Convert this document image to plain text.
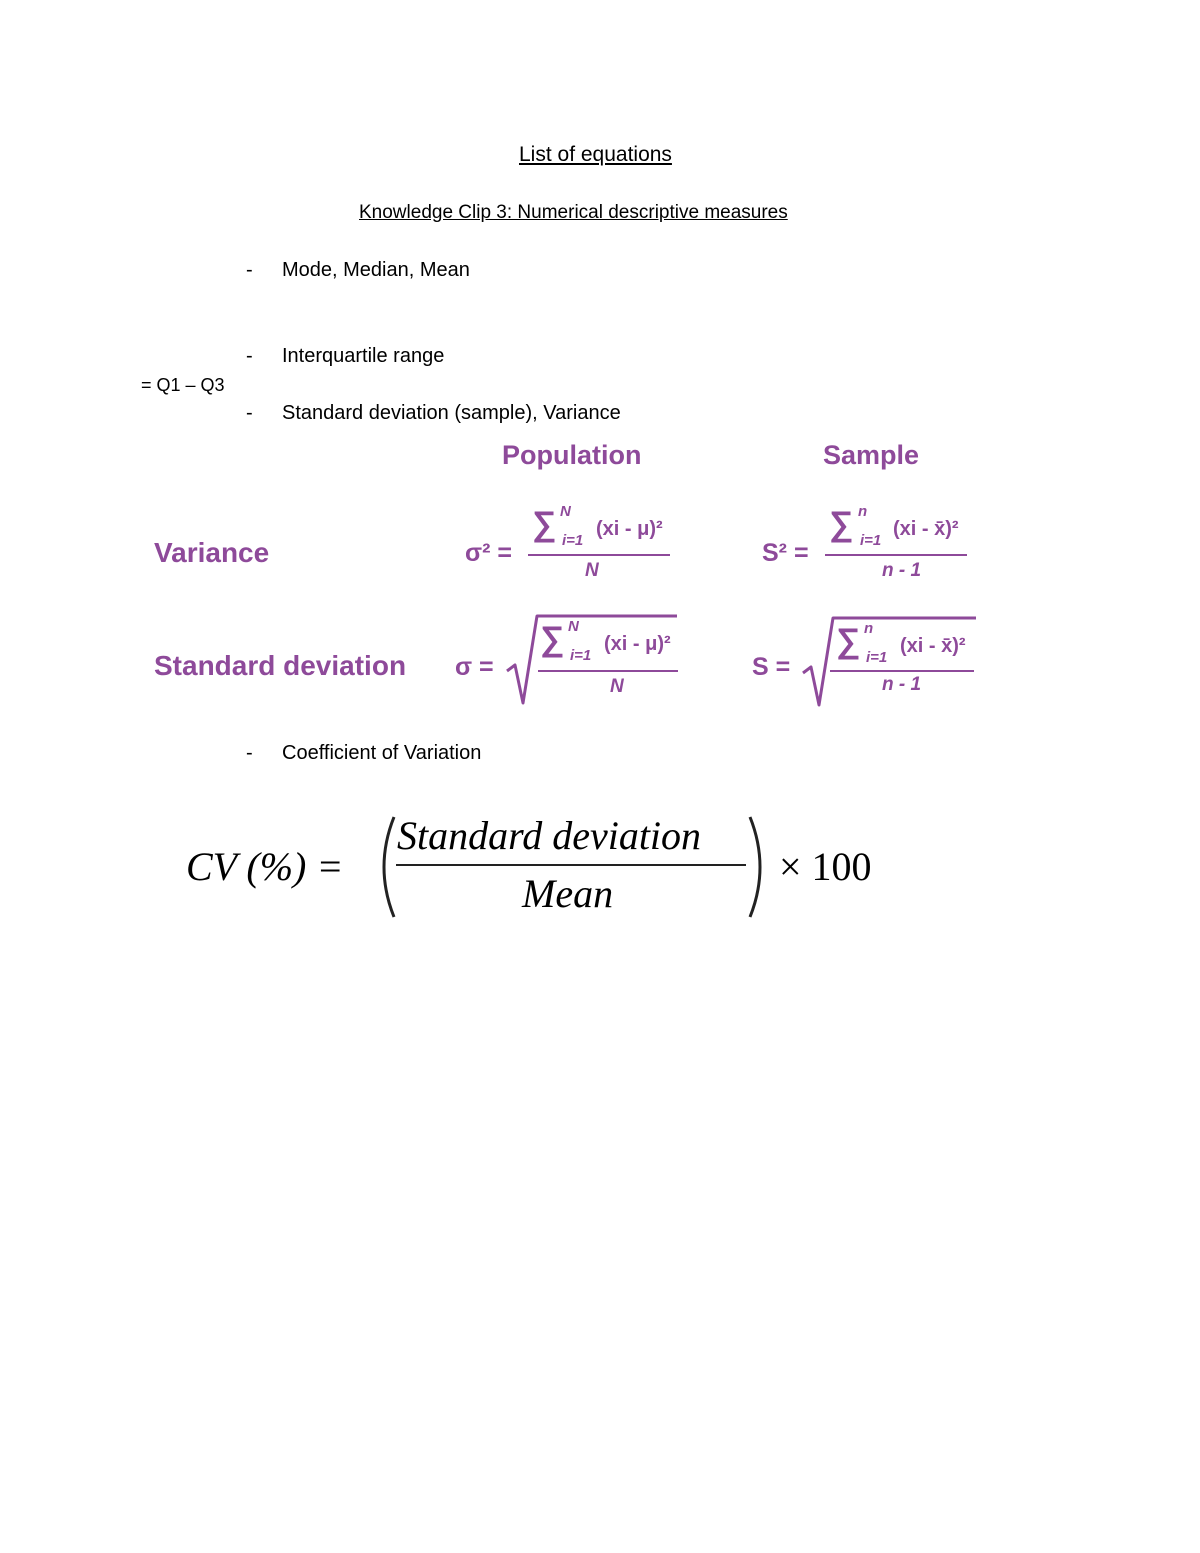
List of equations
Knowledge Clip 3: Numerical descriptive measures
- Mode, Median, Mean
- Interquartile range
= Q1 – Q3
- Standard deviation (sample), Variance
Population	Sample
Variance
Standard deviation
σ² =
∑ N
i=1
(xi - μ)²
N
S² =
∑ n
i=1
(xi - x̄)²
n - 1
σ =
∑ N
i=1
(xi - μ)²
N
S =
∑ n
i=1
(xi - x̄)²
n - 1
- Coefficient of Variation
CV (%) =
Standard deviation
Mean
× 100
